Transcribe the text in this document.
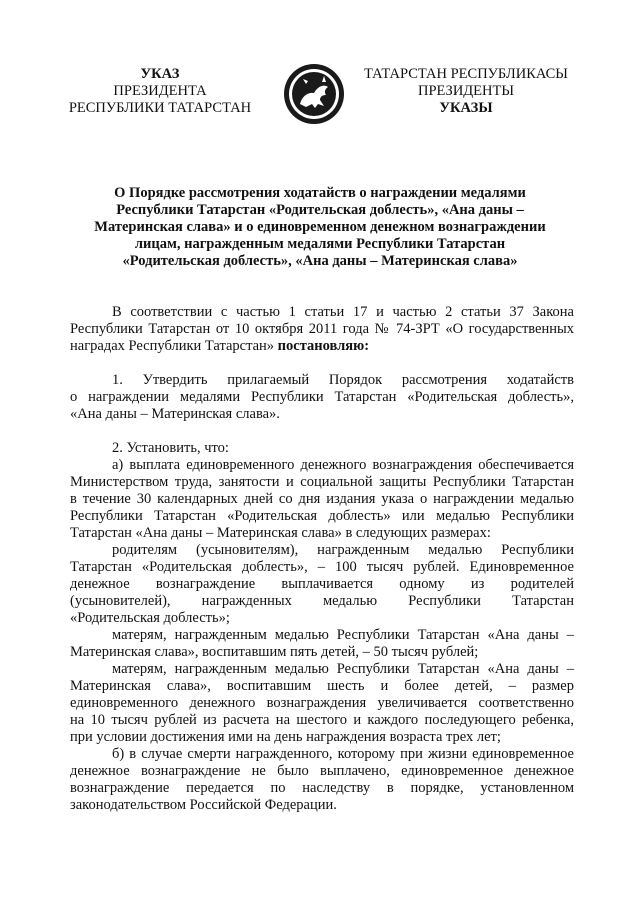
УКАЗ
ПРЕЗИДЕНТА
РЕСПУБЛИКИ ТАТАРСТАН
ТАТАРСТАН РЕСПУБЛИКАСЫ
ПРЕЗИДЕНТЫ
УКАЗЫ
О Порядке рассмотрения ходатайств о награждении медалями
Республики Татарстан «Родительская доблесть», «Ана даны –
Материнская слава» и о единовременном денежном вознаграждении
лицам, награжденным медалями Республики Татарстан
«Родительская доблесть», «Ана даны – Материнская слава»
В соответствии с частью 1 статьи 17 и частью 2 статьи 37 Закона
Республики Татарстан от 10 октября 2011 года № 74-ЗРТ «О государственных
наградах Республики Татарстан» постановляю:
1. Утвердить прилагаемый Порядок рассмотрения ходатайств
о награждении медалями Республики Татарстан «Родительская доблесть»,
«Ана даны – Материнская слава».
2. Установить, что:
а) выплата единовременного денежного вознаграждения обеспечивается
Министерством труда, занятости и социальной защиты Республики Татарстан
в течение 30 календарных дней со дня издания указа о награждении медалью
Республики Татарстан «Родительская доблесть» или медалью Республики
Татарстан «Ана даны – Материнская слава» в следующих размерах:
родителям (усыновителям), награжденным медалью Республики
Татарстан «Родительская доблесть», – 100 тысяч рублей. Единовременное
денежное вознаграждение выплачивается одному из родителей
(усыновителей), награжденных медалью Республики Татарстан
«Родительская доблесть»;
матерям, награжденным медалью Республики Татарстан «Ана даны –
Материнская слава», воспитавшим пять детей, – 50 тысяч рублей;
матерям, награжденным медалью Республики Татарстан «Ана даны –
Материнская слава», воспитавшим шесть и более детей, – размер
единовременного денежного вознаграждения увеличивается соответственно
на 10 тысяч рублей из расчета на шестого и каждого последующего ребенка,
при условии достижения ими на день награждения возраста трех лет;
б) в случае смерти награжденного, которому при жизни единовременное
денежное вознаграждение не было выплачено, единовременное денежное
вознаграждение передается по наследству в порядке, установленном
законодательством Российской Федерации.
